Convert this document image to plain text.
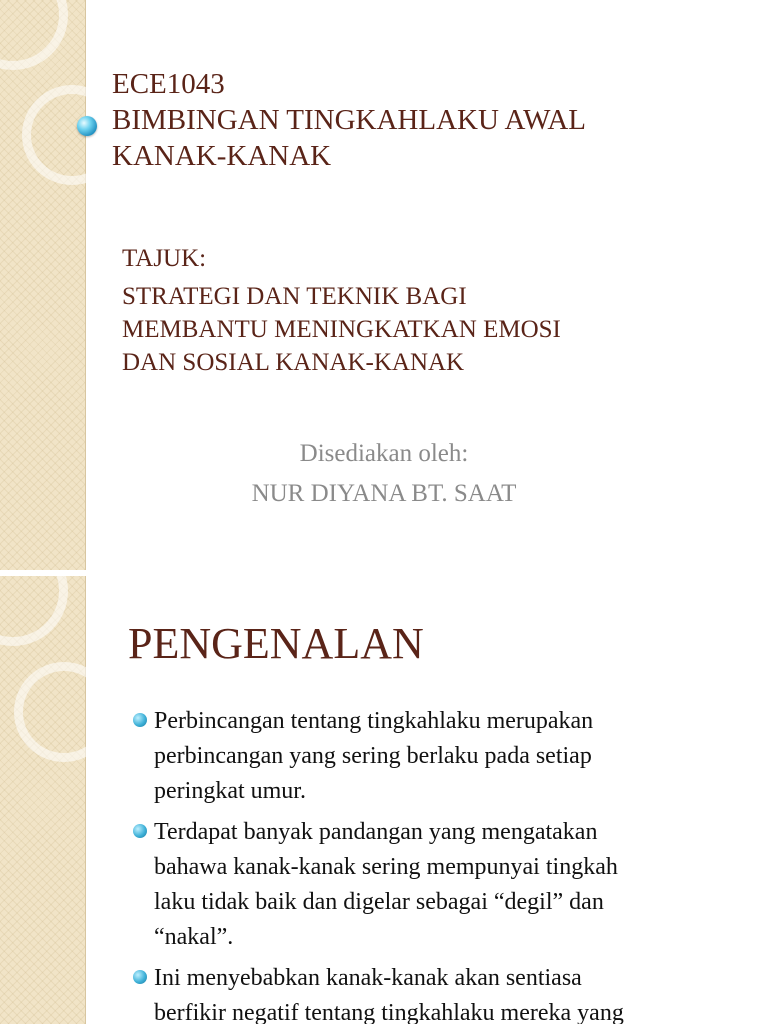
ECE1043
BIMBINGAN TINGKAHLAKU AWAL
KANAK-KANAK
TAJUK:
STRATEGI DAN TEKNIK BAGI
MEMBANTU MENINGKATKAN EMOSI
DAN SOSIAL KANAK-KANAK
Disediakan oleh:
NUR DIYANA BT. SAAT
PENGENALAN
Perbincangan tentang tingkahlaku merupakan
perbincangan yang sering berlaku pada setiap
peringkat umur.
Terdapat banyak pandangan yang mengatakan
bahawa kanak-kanak sering mempunyai tingkah
laku tidak baik dan digelar sebagai “degil” dan
“nakal”.
Ini menyebabkan kanak-kanak akan sentiasa
berfikir negatif tentang tingkahlaku mereka yang
